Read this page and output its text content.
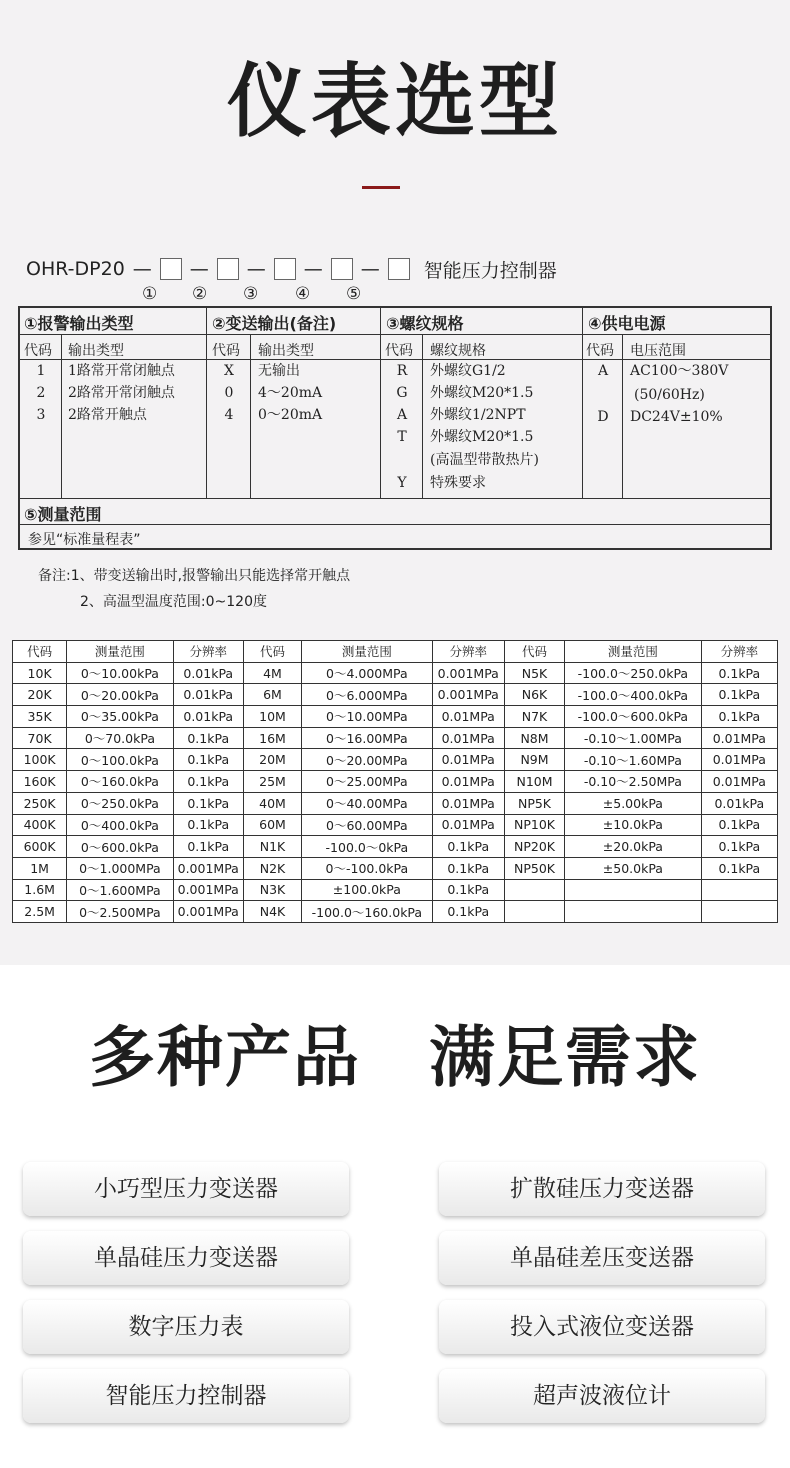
仪表选型
OHR-DP20 — — — — — 智能压力控制器
① ② ③ ④ ⑤
①报警输出类型
代码 输出类型
1	1路常开常闭触点
2	2路常开常闭触点
3	2路常开触点
②变送输出(备注)
代码 输出类型
X	无输出
0	4～20mA
4	0～20mA
③螺纹规格
代码 螺纹规格
R	外螺纹G1/2
G	外螺纹M20*1.5
A	外螺纹1/2NPT
T	外螺纹M20*1.5
(高温型带散热片)
Y	特殊要求
④供电电源
代码 电压范围
A	AC100～380V
(50/60Hz)
D	DC24V±10%
⑤测量范围
参见“标准量程表”
备注:1、带变送输出时,报警输出只能选择常开触点
2、高温型温度范围:0~120度
代码	测量范围	分辨率	代码	测量范围	分辨率	代码	测量范围	分辨率
10K	0～10.00kPa	0.01kPa	4M	0～4.000MPa	0.001MPa	N5K	-100.0～250.0kPa	0.1kPa
20K	0～20.00kPa	0.01kPa	6M	0～6.000MPa	0.001MPa	N6K	-100.0～400.0kPa	0.1kPa
35K	0～35.00kPa	0.01kPa	10M	0～10.00MPa	0.01MPa	N7K	-100.0～600.0kPa	0.1kPa
70K	0～70.0kPa	0.1kPa	16M	0～16.00MPa	0.01MPa	N8M	-0.10～1.00MPa	0.01MPa
100K	0～100.0kPa	0.1kPa	20M	0～20.00MPa	0.01MPa	N9M	-0.10～1.60MPa	0.01MPa
160K	0～160.0kPa	0.1kPa	25M	0～25.00MPa	0.01MPa	N10M	-0.10～2.50MPa	0.01MPa
250K	0～250.0kPa	0.1kPa	40M	0～40.00MPa	0.01MPa	NP5K	±5.00kPa	0.01kPa
400K	0～400.0kPa	0.1kPa	60M	0～60.00MPa	0.01MPa	NP10K	±10.0kPa	0.1kPa
600K	0～600.0kPa	0.1kPa	N1K	-100.0～0kPa	0.1kPa	NP20K	±20.0kPa	0.1kPa
1M	0～1.000MPa	0.001MPa	N2K	0～-100.0kPa	0.1kPa	NP50K	±50.0kPa	0.1kPa
1.6M	0～1.600MPa	0.001MPa	N3K	±100.0kPa	0.1kPa			
2.5M	0～2.500MPa	0.001MPa	N4K	-100.0～160.0kPa	0.1kPa			
多种产品　满足需求
小巧型压力变送器	扩散硅压力变送器
单晶硅压力变送器	单晶硅差压变送器
数字压力表	投入式液位变送器
智能压力控制器	超声波液位计
